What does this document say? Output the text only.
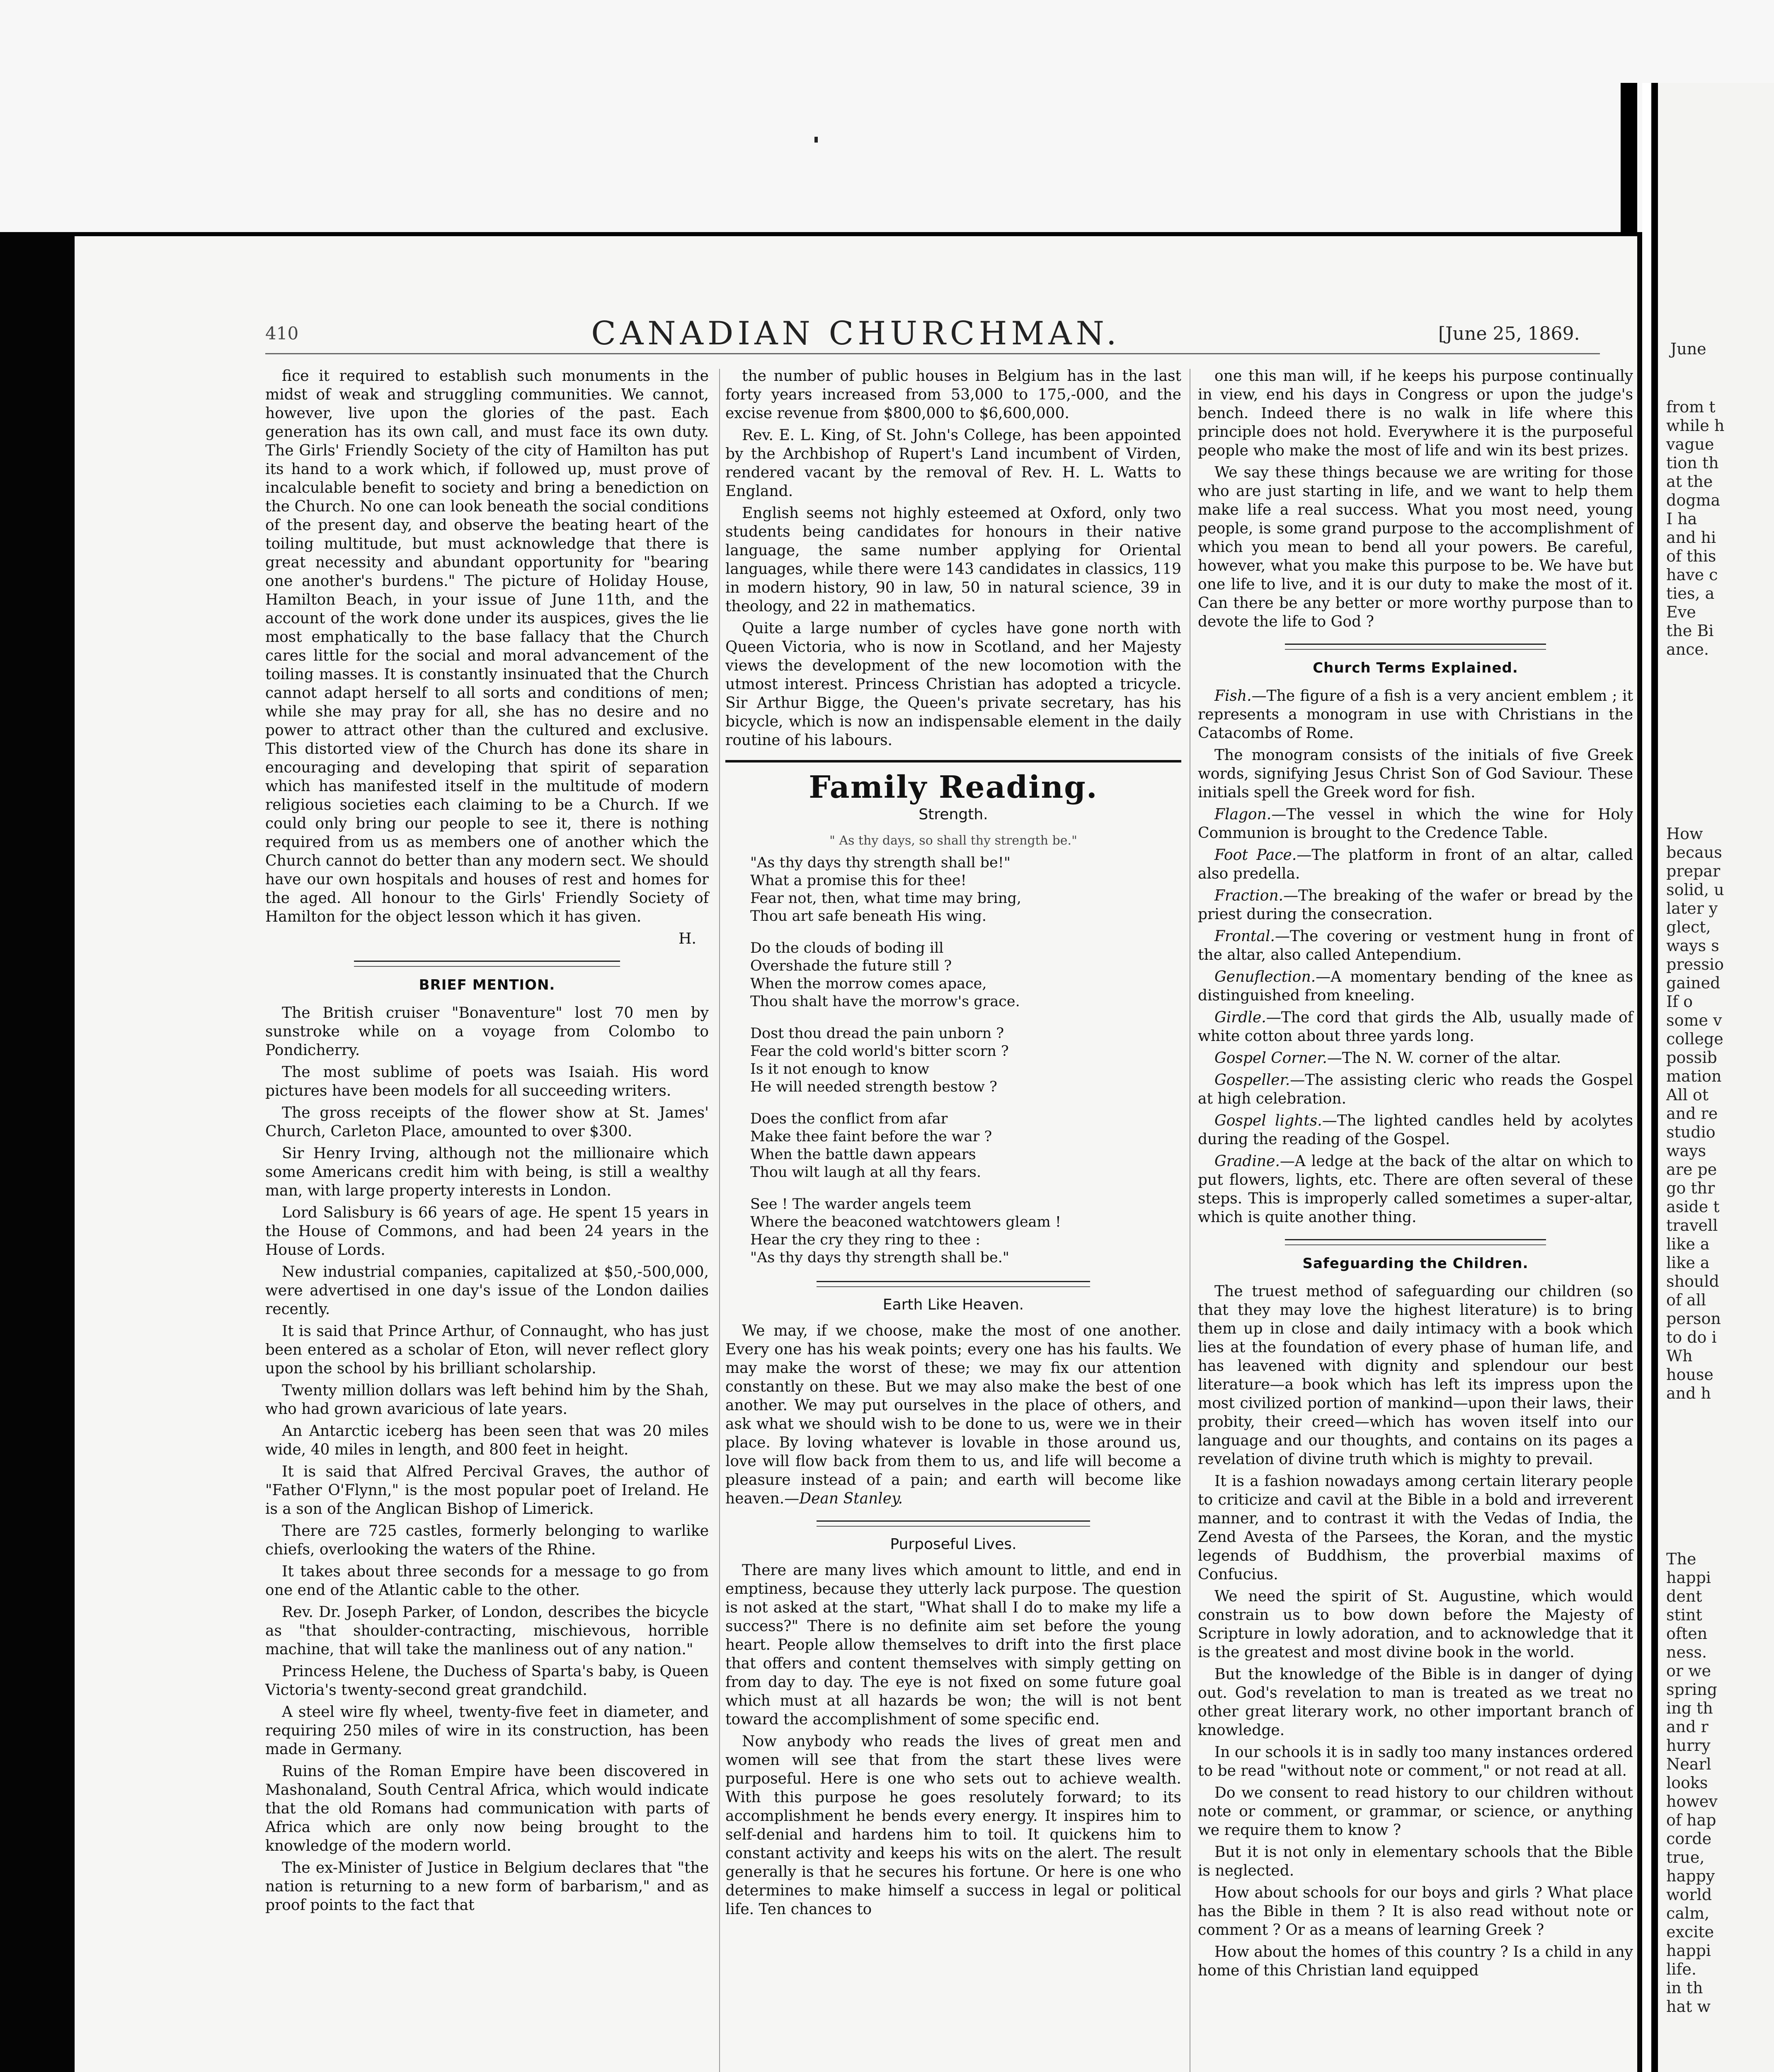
June
from t
while h
vague
tion th
at the
dogma
I ha
and hi
of this
have c
ties, a
Eve
the Bi
ance.
How
becaus
prepar
solid, u
later y
glect,
ways s
pressio
gained
If o
some v
college
possib
mation
All ot
and re
studio
ways
are pe
go thr
aside t
travell
like a
like a
should
of all
person
to do i
Wh
house
and h
The
happi
dent
stint
often
ness.
or we
spring
ing th
and r
hurry
Nearl
looks
howev
of hap
corde
true,
happy
world
calm,
excite
happi
life.
in th
hat w
410	CANADIAN CHURCHMAN.	[June 25, 1869.

fice it required to establish such monuments in the midst of weak and struggling communities. We cannot, however, live upon the glories of the past. Each generation has its own call, and must face its own duty. The Girls' Friendly Society of the city of Hamilton has put its hand to a work which, if followed up, must prove of incalculable benefit to society and bring a benediction on the Church. No one can look beneath the social conditions of the present day, and observe the beating heart of the toiling multitude, but must acknowledge that there is great necessity and abundant opportunity for "bearing one another's burdens." The picture of Holiday House, Hamilton Beach, in your issue of June 11th, and the account of the work done under its auspices, gives the lie most emphatically to the base fallacy that the Church cares little for the social and moral advancement of the toiling masses. It is constantly insinuated that the Church cannot adapt herself to all sorts and conditions of men; while she may pray for all, she has no desire and no power to attract other than the cultured and exclusive. This distorted view of the Church has done its share in encouraging and developing that spirit of separation which has manifested itself in the multitude of modern religious societies each claiming to be a Church. If we could only bring our people to see it, there is nothing required from us as members one of another which the Church cannot do better than any modern sect. We should have our own hospitals and houses of rest and homes for the aged. All honour to the Girls' Friendly Society of Hamilton for the object lesson which it has given.

H.
BRIEF MENTION.

The British cruiser "Bonaventure" lost 70 men by sunstroke while on a voyage from Colombo to Pondicherry.

The most sublime of poets was Isaiah. His word pictures have been models for all succeeding writers.

The gross receipts of the flower show at St. James' Church, Carleton Place, amounted to over $300.

Sir Henry Irving, although not the millionaire which some Americans credit him with being, is still a wealthy man, with large property interests in London.

Lord Salisbury is 66 years of age. He spent 15 years in the House of Commons, and had been 24 years in the House of Lords.

New industrial companies, capitalized at $50,-500,000, were advertised in one day's issue of the London dailies recently.

It is said that Prince Arthur, of Connaught, who has just been entered as a scholar of Eton, will never reflect glory upon the school by his brilliant scholarship.

Twenty million dollars was left behind him by the Shah, who had grown avaricious of late years.

An Antarctic iceberg has been seen that was 20 miles wide, 40 miles in length, and 800 feet in height.

It is said that Alfred Percival Graves, the author of "Father O'Flynn," is the most popular poet of Ireland. He is a son of the Anglican Bishop of Limerick.

There are 725 castles, formerly belonging to warlike chiefs, overlooking the waters of the Rhine.

It takes about three seconds for a message to go from one end of the Atlantic cable to the other.

Rev. Dr. Joseph Parker, of London, describes the bicycle as "that shoulder-contracting, mischievous, horrible machine, that will take the manliness out of any nation."

Princess Helene, the Duchess of Sparta's baby, is Queen Victoria's twenty-second great grandchild.

A steel wire fly wheel, twenty-five feet in diameter, and requiring 250 miles of wire in its construction, has been made in Germany.

Ruins of the Roman Empire have been discovered in Mashonaland, South Central Africa, which would indicate that the old Romans had communication with parts of Africa which are only now being brought to the knowledge of the modern world.

The ex-Minister of Justice in Belgium declares that "the nation is returning to a new form of barbarism," and as proof points to the fact that

the number of public houses in Belgium has in the last forty years increased from 53,000 to 175,-000, and the excise revenue from $800,000 to $6,600,000.

Rev. E. L. King, of St. John's College, has been appointed by the Archbishop of Rupert's Land incumbent of Virden, rendered vacant by the removal of Rev. H. L. Watts to England.

English seems not highly esteemed at Oxford, only two students being candidates for honours in their native language, the same number applying for Oriental languages, while there were 143 candidates in classics, 119 in modern history, 90 in law, 50 in natural science, 39 in theology, and 22 in mathematics.

Quite a large number of cycles have gone north with Queen Victoria, who is now in Scotland, and her Majesty views the development of the new locomotion with the utmost interest. Princess Christian has adopted a tricycle. Sir Arthur Bigge, the Queen's private secretary, has his bicycle, which is now an indispensable element in the daily routine of his labours.

Family Reading.
Strength.
" As thy days, so shall thy strength be."
"As thy days thy strength shall be!"
What a promise this for thee!
Fear not, then, what time may bring,
Thou art safe beneath His wing.
Do the clouds of boding ill
Overshade the future still ?
When the morrow comes apace,
Thou shalt have the morrow's grace.
Dost thou dread the pain unborn ?
Fear the cold world's bitter scorn ?
Is it not enough to know
He will needed strength bestow ?
Does the conflict from afar
Make thee faint before the war ?
When the battle dawn appears
Thou wilt laugh at all thy fears.
See ! The warder angels teem
Where the beaconed watchtowers gleam !
Hear the cry they ring to thee :
"As thy days thy strength shall be."
Earth Like Heaven.

We may, if we choose, make the most of one another. Every one has his weak points; every one has his faults. We may make the worst of these; we may fix our attention constantly on these. But we may also make the best of one another. We may put ourselves in the place of others, and ask what we should wish to be done to us, were we in their place. By loving whatever is lovable in those around us, love will flow back from them to us, and life will become a pleasure instead of a pain; and earth will become like heaven.—Dean Stanley.

Purposeful Lives.

There are many lives which amount to little, and end in emptiness, because they utterly lack purpose. The question is not asked at the start, "What shall I do to make my life a success?" There is no definite aim set before the young heart. People allow themselves to drift into the first place that offers and content themselves with simply getting on from day to day. The eye is not fixed on some future goal which must at all hazards be won; the will is not bent toward the accomplishment of some specific end.

Now anybody who reads the lives of great men and women will see that from the start these lives were purposeful. Here is one who sets out to achieve wealth. With this purpose he goes resolutely forward; to its accomplishment he bends every energy. It inspires him to self-denial and hardens him to toil. It quickens him to constant activity and keeps his wits on the alert. The result generally is that he secures his fortune. Or here is one who determines to make himself a success in legal or political life. Ten chances to

one this man will, if he keeps his purpose continually in view, end his days in Congress or upon the judge's bench. Indeed there is no walk in life where this principle does not hold. Everywhere it is the purposeful people who make the most of life and win its best prizes.

We say these things because we are writing for those who are just starting in life, and we want to help them make life a real success. What you most need, young people, is some grand purpose to the accomplishment of which you mean to bend all your powers. Be careful, however, what you make this purpose to be. We have but one life to live, and it is our duty to make the most of it. Can there be any better or more worthy purpose than to devote the life to God ?

Church Terms Explained.

Fish.—The figure of a fish is a very ancient emblem ; it represents a monogram in use with Christians in the Catacombs of Rome.

The monogram consists of the initials of five Greek words, signifying Jesus Christ Son of God Saviour. These initials spell the Greek word for fish.

Flagon.—The vessel in which the wine for Holy Communion is brought to the Credence Table.

Foot Pace.—The platform in front of an altar, called also predella.

Fraction.—The breaking of the wafer or bread by the priest during the consecration.

Frontal.—The covering or vestment hung in front of the altar, also called Antependium.

Genuflection.—A momentary bending of the knee as distinguished from kneeling.

Girdle.—The cord that girds the Alb, usually made of white cotton about three yards long.

Gospel Corner.—The N. W. corner of the altar.

Gospeller.—The assisting cleric who reads the Gospel at high celebration.

Gospel lights.—The lighted candles held by acolytes during the reading of the Gospel.

Gradine.—A ledge at the back of the altar on which to put flowers, lights, etc. There are often several of these steps. This is improperly called sometimes a super-altar, which is quite another thing.

Safeguarding the Children.

The truest method of safeguarding our children (so that they may love the highest literature) is to bring them up in close and daily intimacy with a book which lies at the foundation of every phase of human life, and has leavened with dignity and splendour our best literature—a book which has left its impress upon the most civilized portion of mankind—upon their laws, their probity, their creed—which has woven itself into our language and our thoughts, and contains on its pages a revelation of divine truth which is mighty to prevail.

It is a fashion nowadays among certain literary people to criticize and cavil at the Bible in a bold and irreverent manner, and to contrast it with the Vedas of India, the Zend Avesta of the Parsees, the Koran, and the mystic legends of Buddhism, the proverbial maxims of Confucius.

We need the spirit of St. Augustine, which would constrain us to bow down before the Majesty of Scripture in lowly adoration, and to acknowledge that it is the greatest and most divine book in the world.

But the knowledge of the Bible is in danger of dying out. God's revelation to man is treated as we treat no other great literary work, no other important branch of knowledge.

In our schools it is in sadly too many instances ordered to be read "without note or comment," or not read at all.

Do we consent to read history to our children without note or comment, or grammar, or science, or anything we require them to know ?

But it is not only in elementary schools that the Bible is neglected.

How about schools for our boys and girls ? What place has the Bible in them ? It is also read without note or comment ? Or as a means of learning Greek ?

How about the homes of this country ? Is a child in any home of this Christian land equipped
